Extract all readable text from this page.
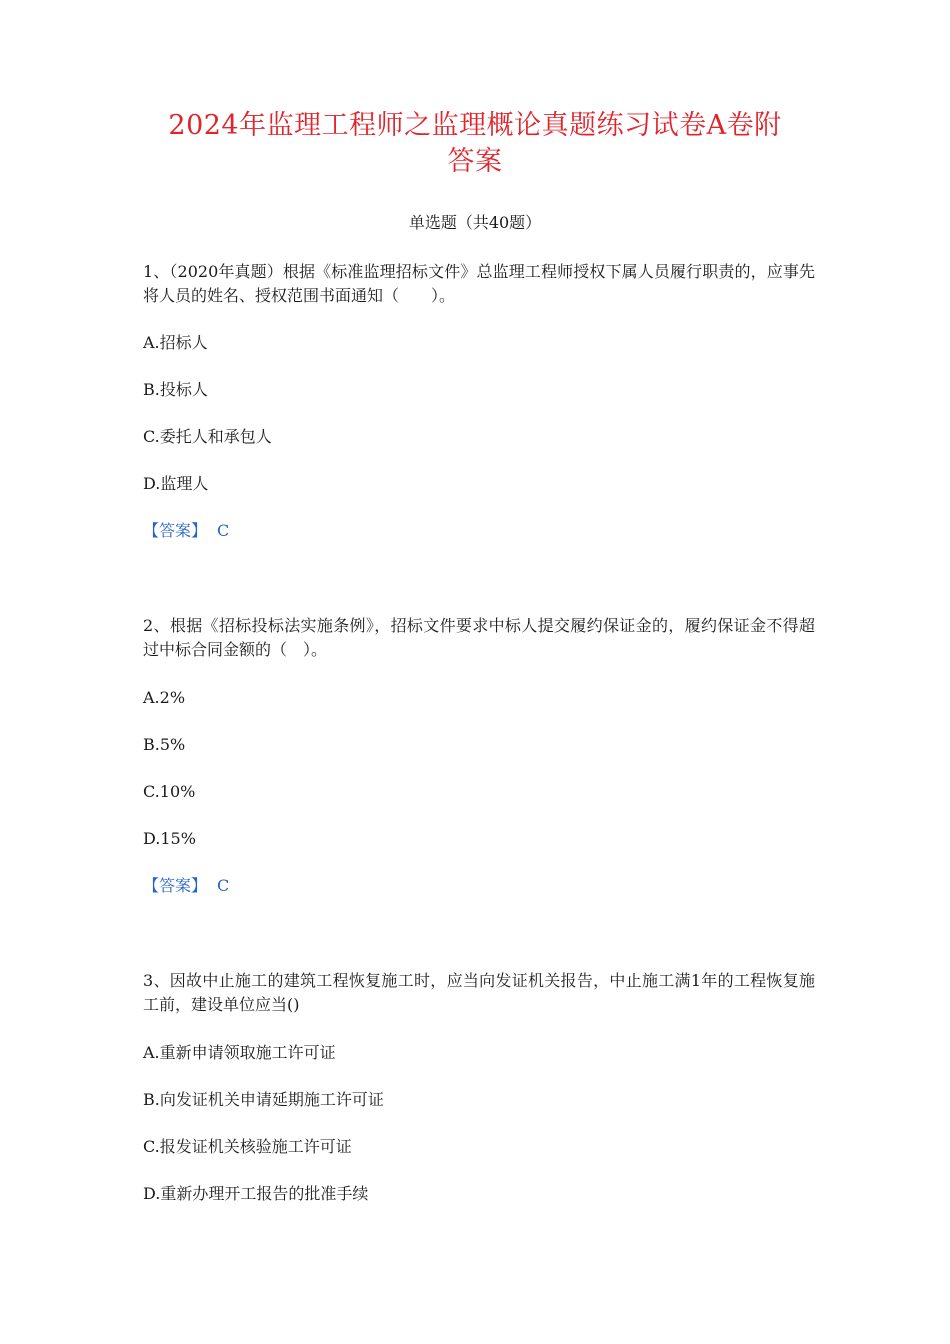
2024年监理工程师之监理概论真题练习试卷A卷附
答案
单选题（共40题）
1、（2020年真题）根据《标准监理招标文件》总监理工程师授权下属人员履行职责的，应事先将人员的姓名、授权范围书面通知（　　）。
A.招标人
B.投标人
C.委托人和承包人
D.监理人
【答案】 C
2、根据《招标投标法实施条例》，招标文件要求中标人提交履约保证金的，履约保证金不得超过中标合同金额的（　）。
A.2%
B.5%
C.10%
D.15%
【答案】 C
3、因故中止施工的建筑工程恢复施工时，应当向发证机关报告，中止施工满1年的工程恢复施工前，建设单位应当()
A.重新申请领取施工许可证
B.向发证机关申请延期施工许可证
C.报发证机关核验施工许可证
D.重新办理开工报告的批准手续
